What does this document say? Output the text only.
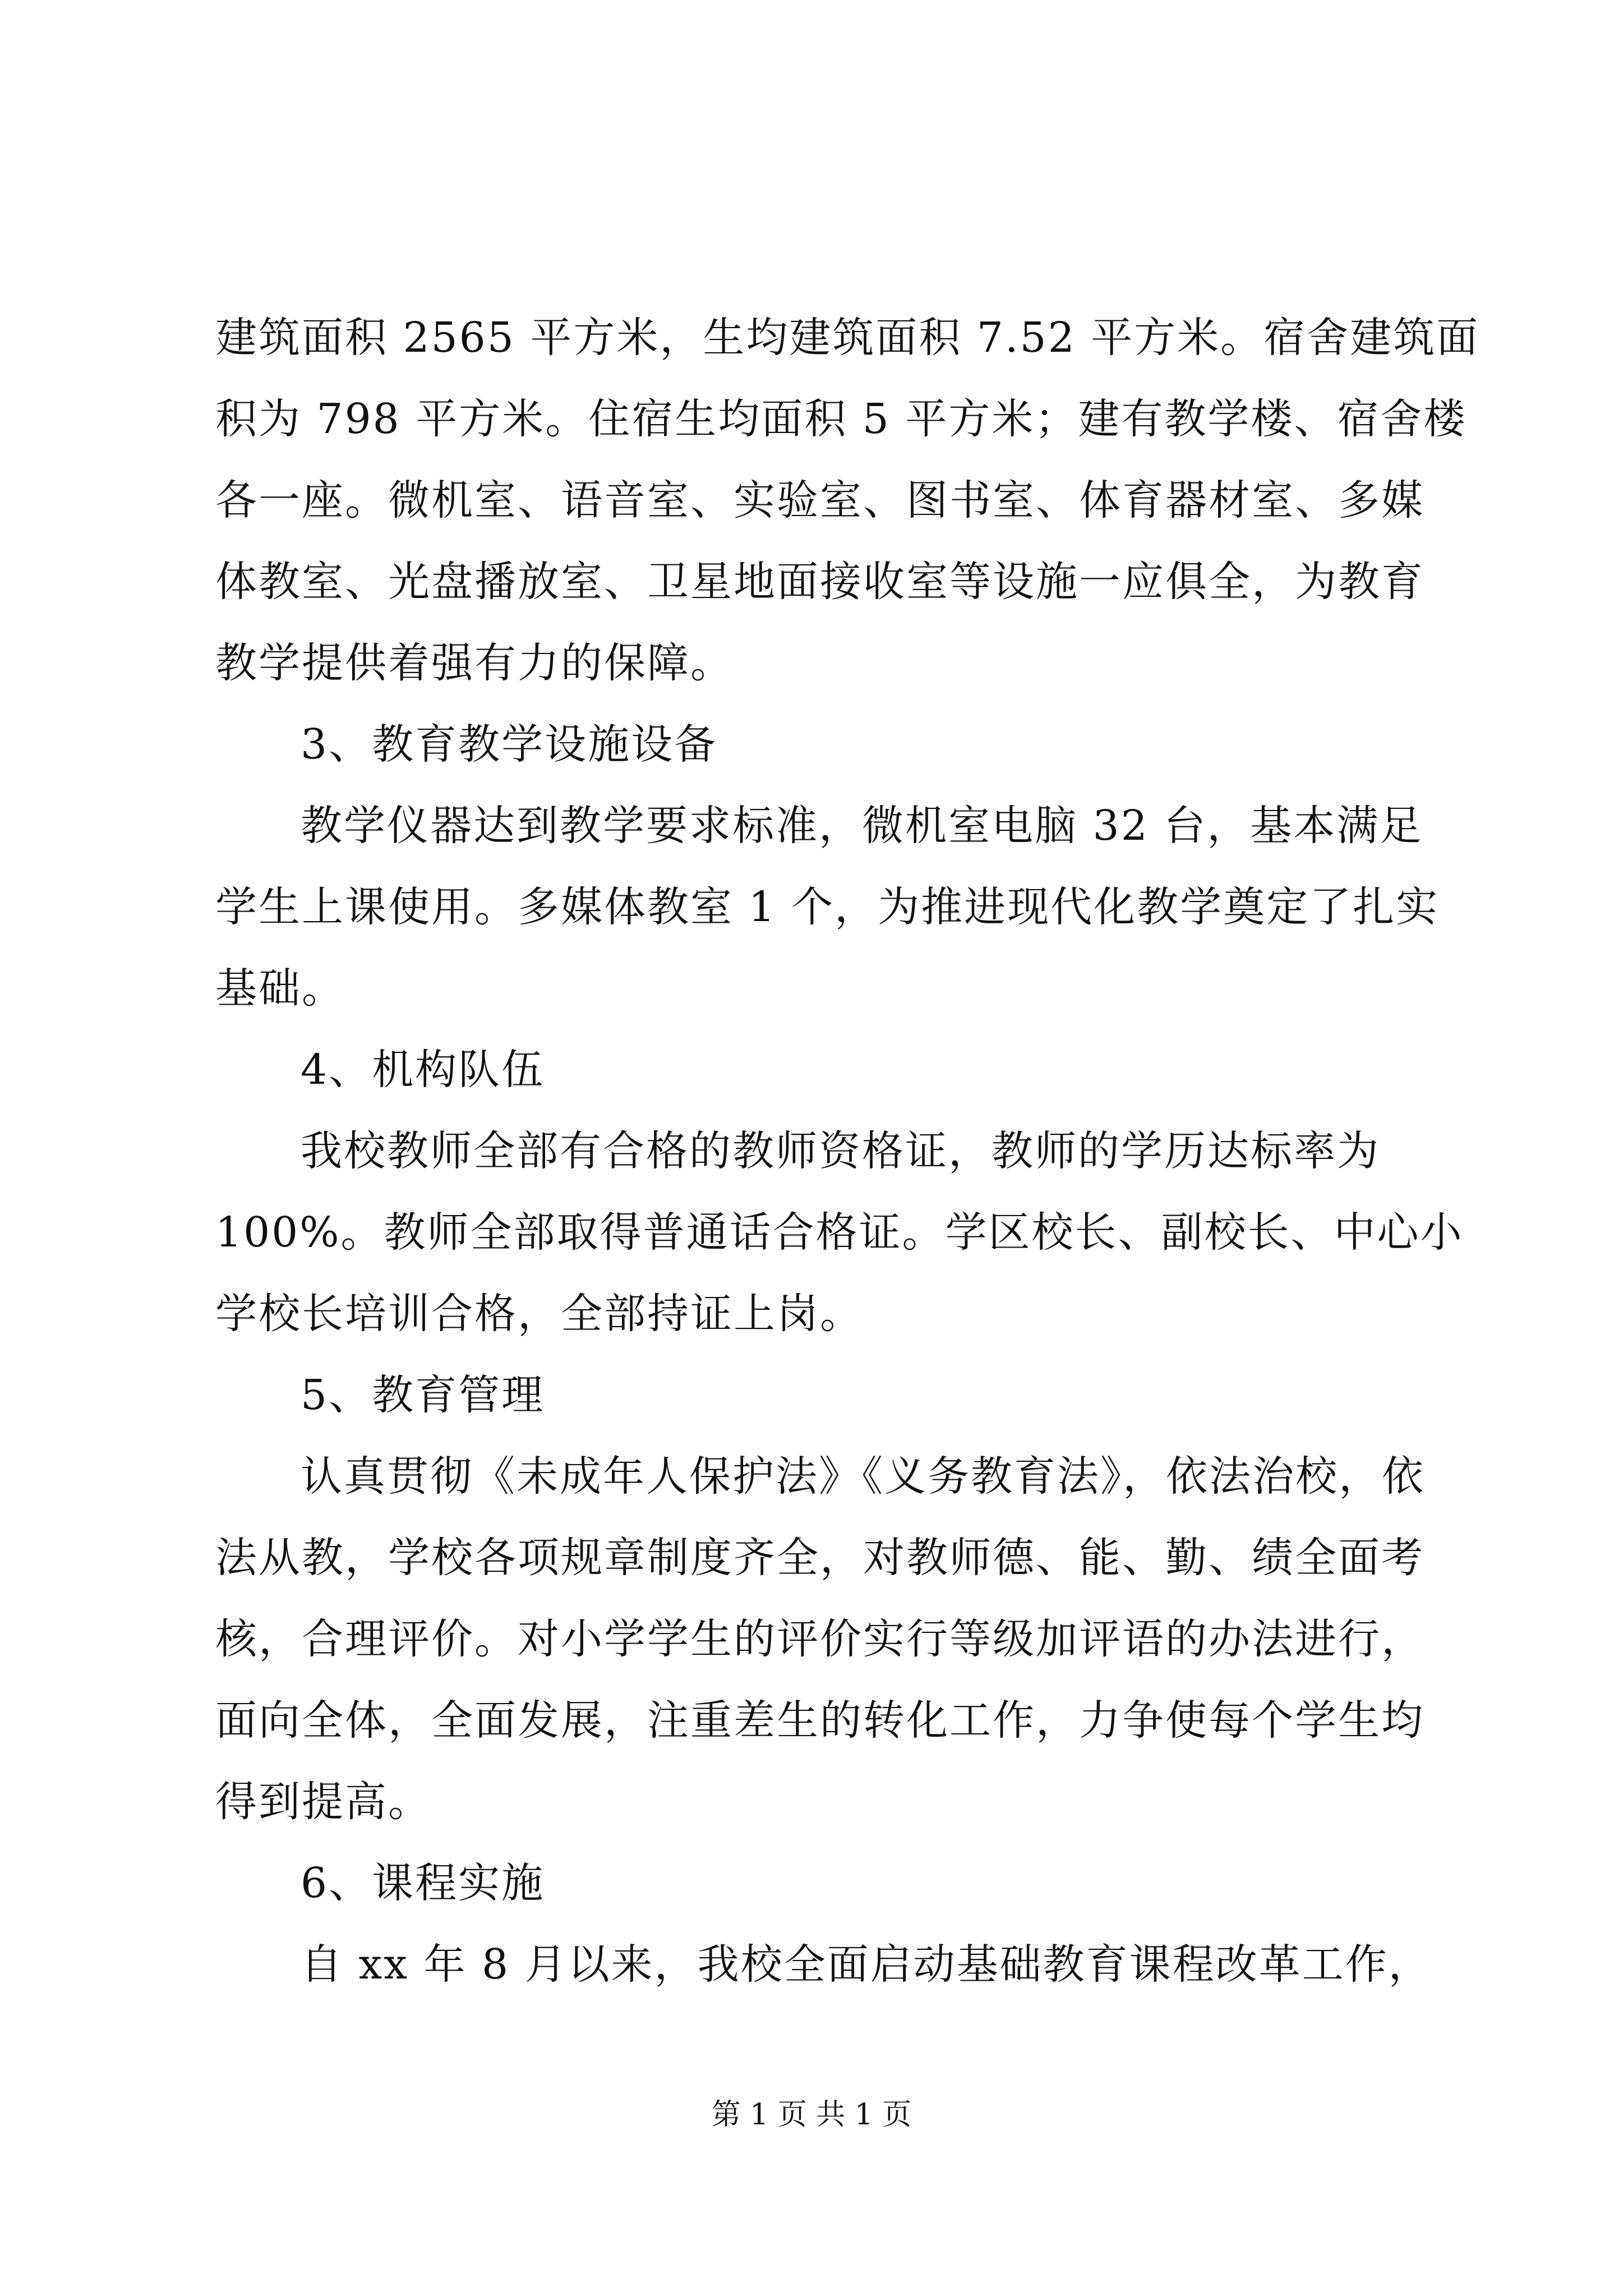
建筑面积 2565 平方米，生均建筑面积 7.52 平方米。宿舍建筑面
积为 798 平方米。住宿生均面积 5 平方米；建有教学楼、宿舍楼
各一座。微机室、语音室、实验室、图书室、体育器材室、多媒
体教室、光盘播放室、卫星地面接收室等设施一应俱全，为教育
教学提供着强有力的保障。
3、教育教学设施设备
教学仪器达到教学要求标准，微机室电脑 32 台，基本满足
学生上课使用。多媒体教室 1 个，为推进现代化教学奠定了扎实
基础。
4、机构队伍
我校教师全部有合格的教师资格证，教师的学历达标率为
100%。教师全部取得普通话合格证。学区校长、副校长、中心小
学校长培训合格，全部持证上岗。
5、教育管理
认真贯彻《未成年人保护法》《义务教育法》，依法治校，依
法从教，学校各项规章制度齐全，对教师德、能、勤、绩全面考
核，合理评价。对小学学生的评价实行等级加评语的办法进行，
面向全体，全面发展，注重差生的转化工作，力争使每个学生均
得到提高。
6、课程实施
自 xx 年 8 月以来，我校全面启动基础教育课程改革工作，
第 1 页 共 1 页
